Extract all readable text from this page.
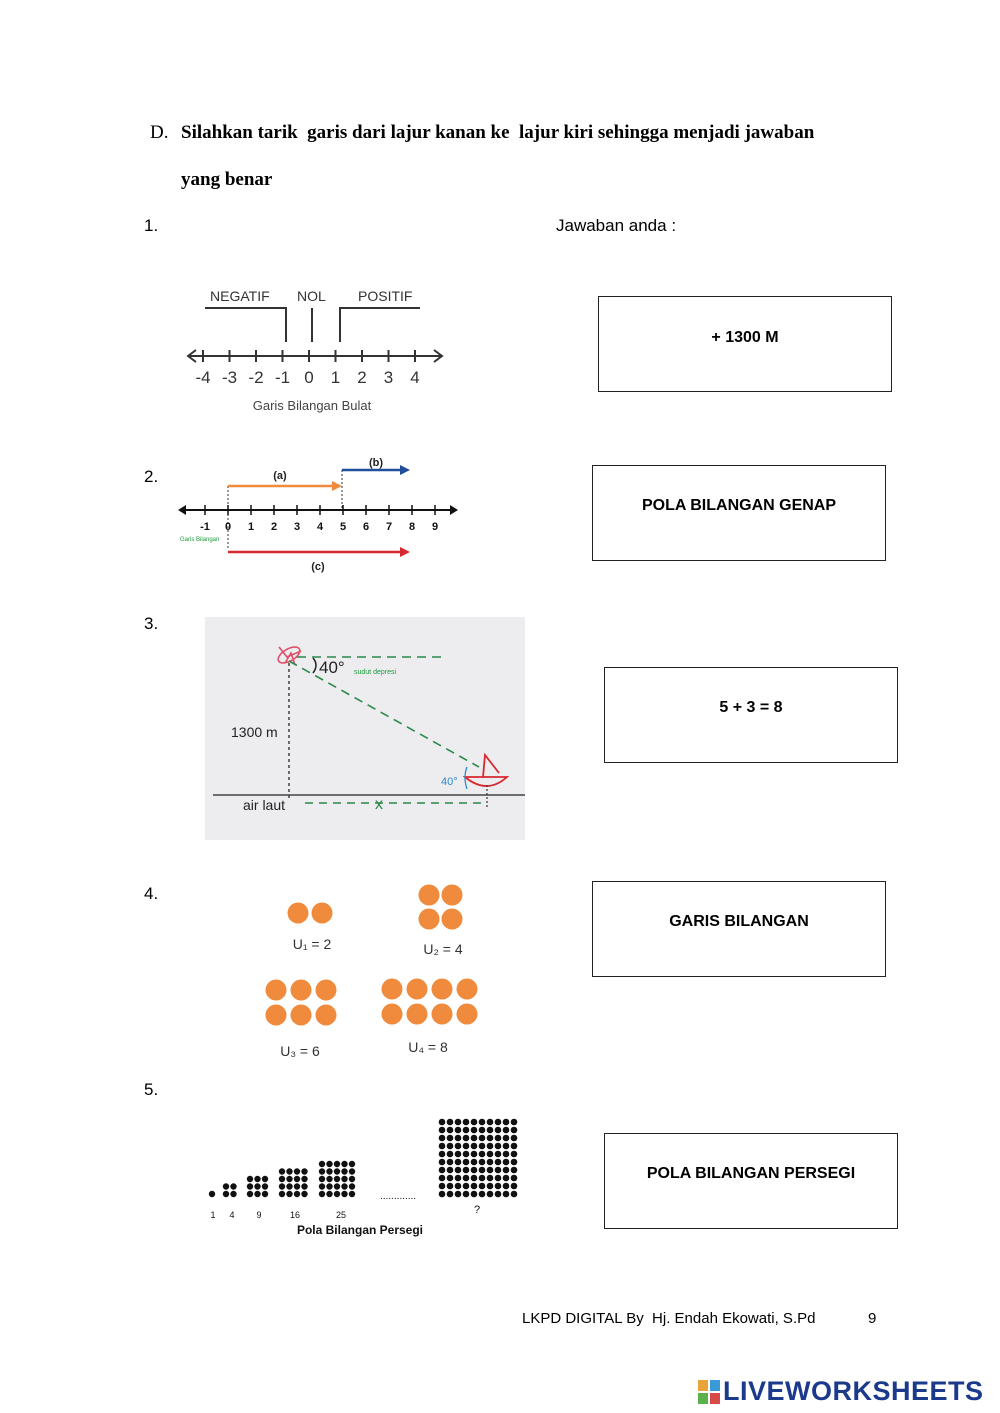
D. Silahkan tarik  garis dari lajur kanan ke  lajur kiri sehingga menjadi jawaban
yang benar
1.	Jawaban anda :
2.
3.
4.
5.
NEGATIF NOL POSITIF
-4 -3 -2 -1 0 1 2 3 4
Garis Bilangan Bulat
(a)
(b)
-1 0 1 2 3 4 5 6 7 8 9
Garis Bilangan
(c)
40° sudut depresi
1300 m
air laut	x
40°
U₁ = 2	U₂ = 4
U₃ = 6	U₄ = 8
1 4 9	16	25
.............
?
Pola Bilangan Persegi
+ 1300 M
POLA BILANGAN GENAP
5 + 3 = 8
GARIS BILANGAN
POLA BILANGAN PERSEGI
LKPD DIGITAL By  Hj. Endah Ekowati, S.Pd	9
LIVEWORKSHEETS
